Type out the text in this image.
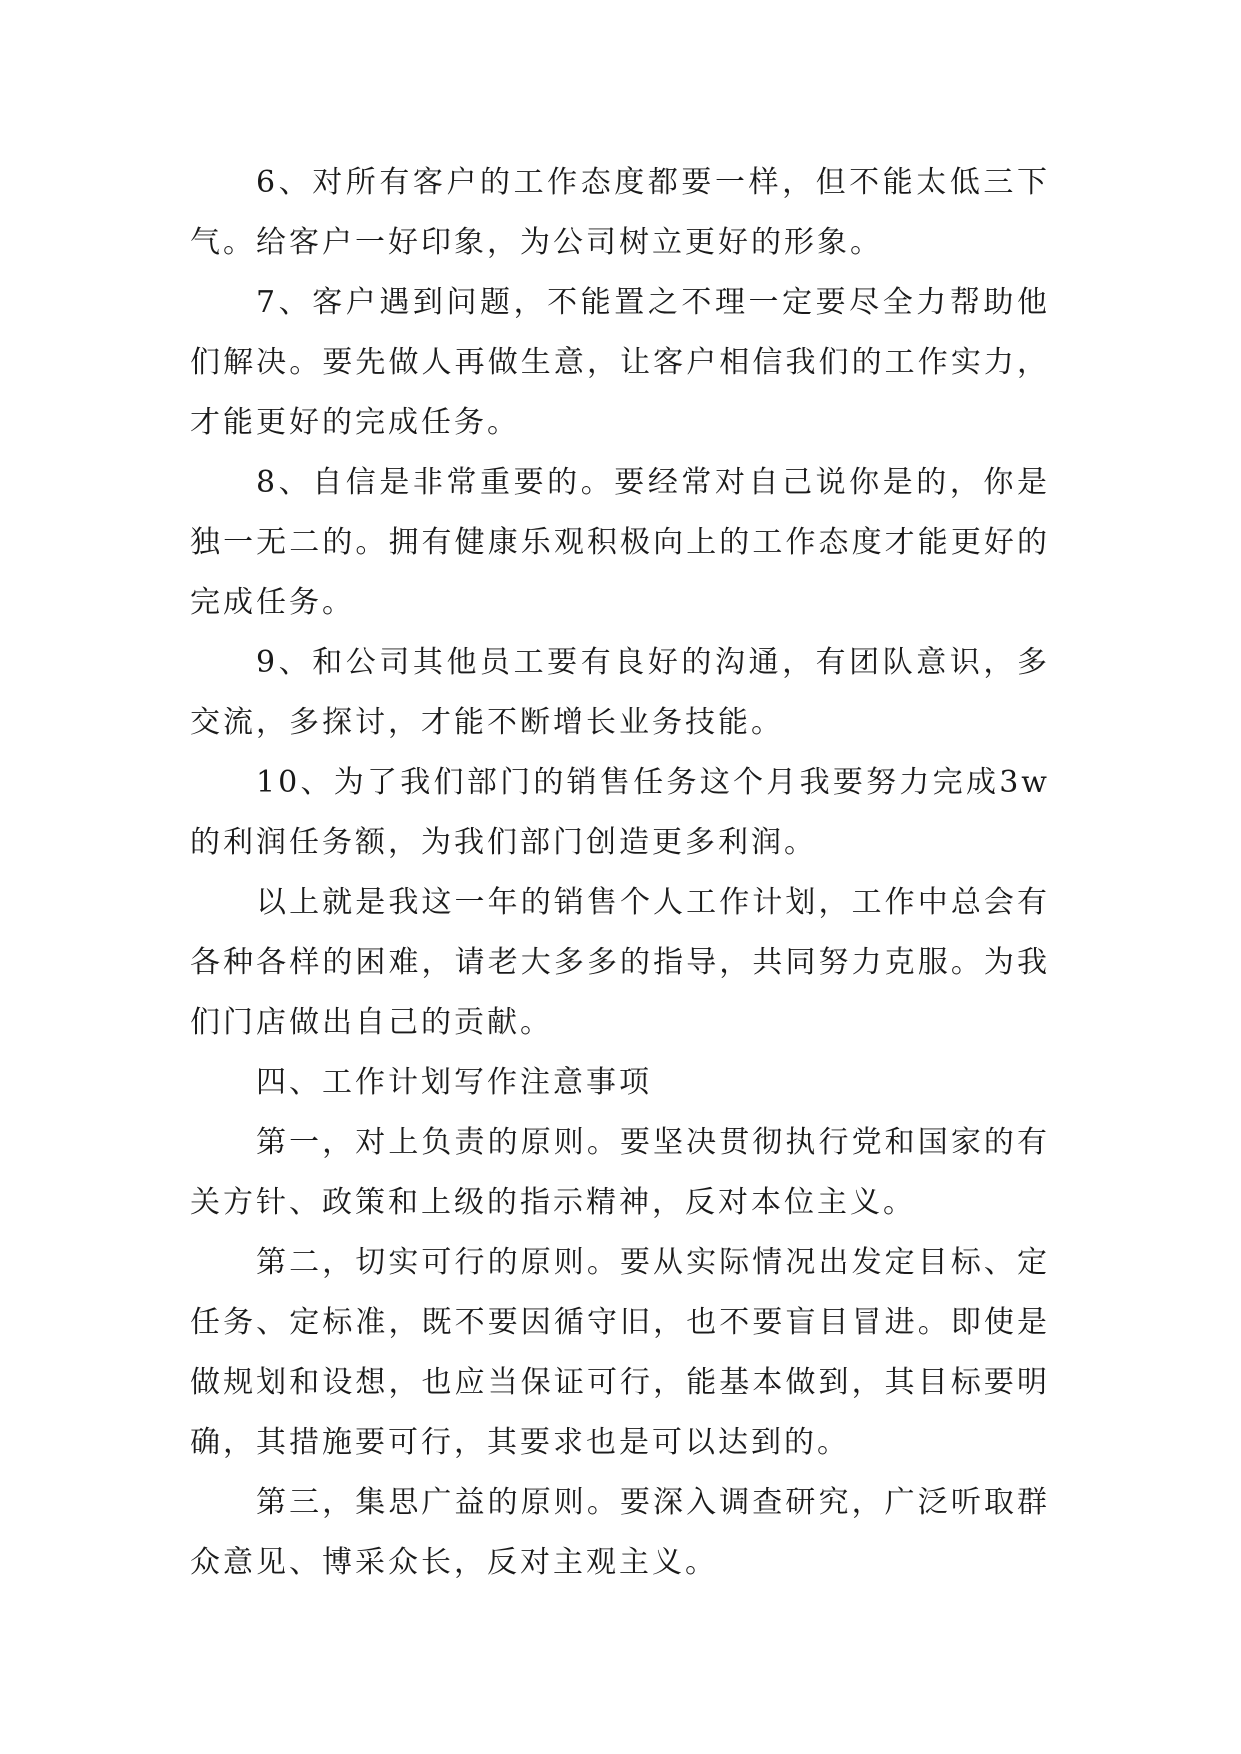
6、对所有客户的工作态度都要一样，但不能太低三下气。给客户一好印象，为公司树立更好的形象。

7、客户遇到问题，不能置之不理一定要尽全力帮助他们解决。要先做人再做生意，让客户相信我们的工作实力，才能更好的完成任务。

8、自信是非常重要的。要经常对自己说你是的，你是独一无二的。拥有健康乐观积极向上的工作态度才能更好的完成任务。

9、和公司其他员工要有良好的沟通，有团队意识，多交流，多探讨，才能不断增长业务技能。

10、为了我们部门的销售任务这个月我要努力完成3w的利润任务额，为我们部门创造更多利润。

以上就是我这一年的销售个人工作计划，工作中总会有各种各样的困难，请老大多多的指导，共同努力克服。为我们门店做出自己的贡献。

四、工作计划写作注意事项

第一，对上负责的原则。要坚决贯彻执行党和国家的有关方针、政策和上级的指示精神，反对本位主义。

第二，切实可行的原则。要从实际情况出发定目标、定任务、定标准，既不要因循守旧，也不要盲目冒进。即使是做规划和设想，也应当保证可行，能基本做到，其目标要明确，其措施要可行，其要求也是可以达到的。

第三，集思广益的原则。要深入调查研究，广泛听取群众意见、博采众长，反对主观主义。
